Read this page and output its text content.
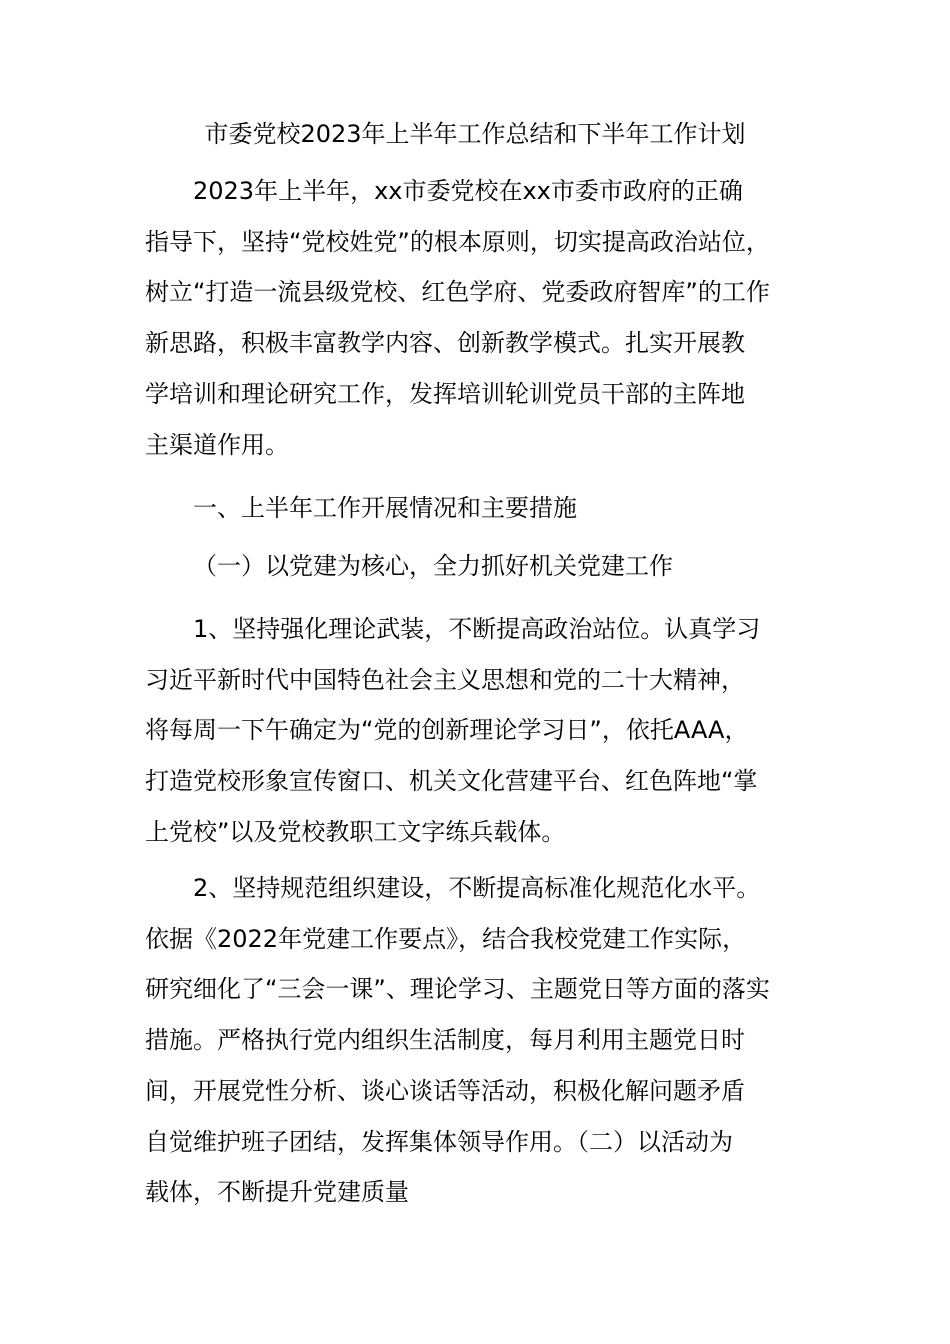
市委党校2023年上半年工作总结和下半年工作计划

2023年上半年，xx市委党校在xx市委市政府的正确
指导下，坚持“党校姓党”的根本原则，切实提高政治站位，
树立“打造一流县级党校、红色学府、党委政府智库”的工作
新思路，积极丰富教学内容、创新教学模式。扎实开展教
学培训和理论研究工作，发挥培训轮训党员干部的主阵地
主渠道作用。

一、上半年工作开展情况和主要措施

（一）以党建为核心，全力抓好机关党建工作

1、坚持强化理论武装，不断提高政治站位。认真学习
习近平新时代中国特色社会主义思想和党的二十大精神，
将每周一下午确定为“党的创新理论学习日”，依托AAA，
打造党校形象宣传窗口、机关文化营建平台、红色阵地“掌
上党校”以及党校教职工文字练兵载体。

2、坚持规范组织建设，不断提高标准化规范化水平。
依据《2022年党建工作要点》，结合我校党建工作实际，
研究细化了“三会一课”、理论学习、主题党日等方面的落实
措施。严格执行党内组织生活制度，每月利用主题党日时
间，开展党性分析、谈心谈话等活动，积极化解问题矛盾
自觉维护班子团结，发挥集体领导作用。（二）以活动为
载体，不断提升党建质量
